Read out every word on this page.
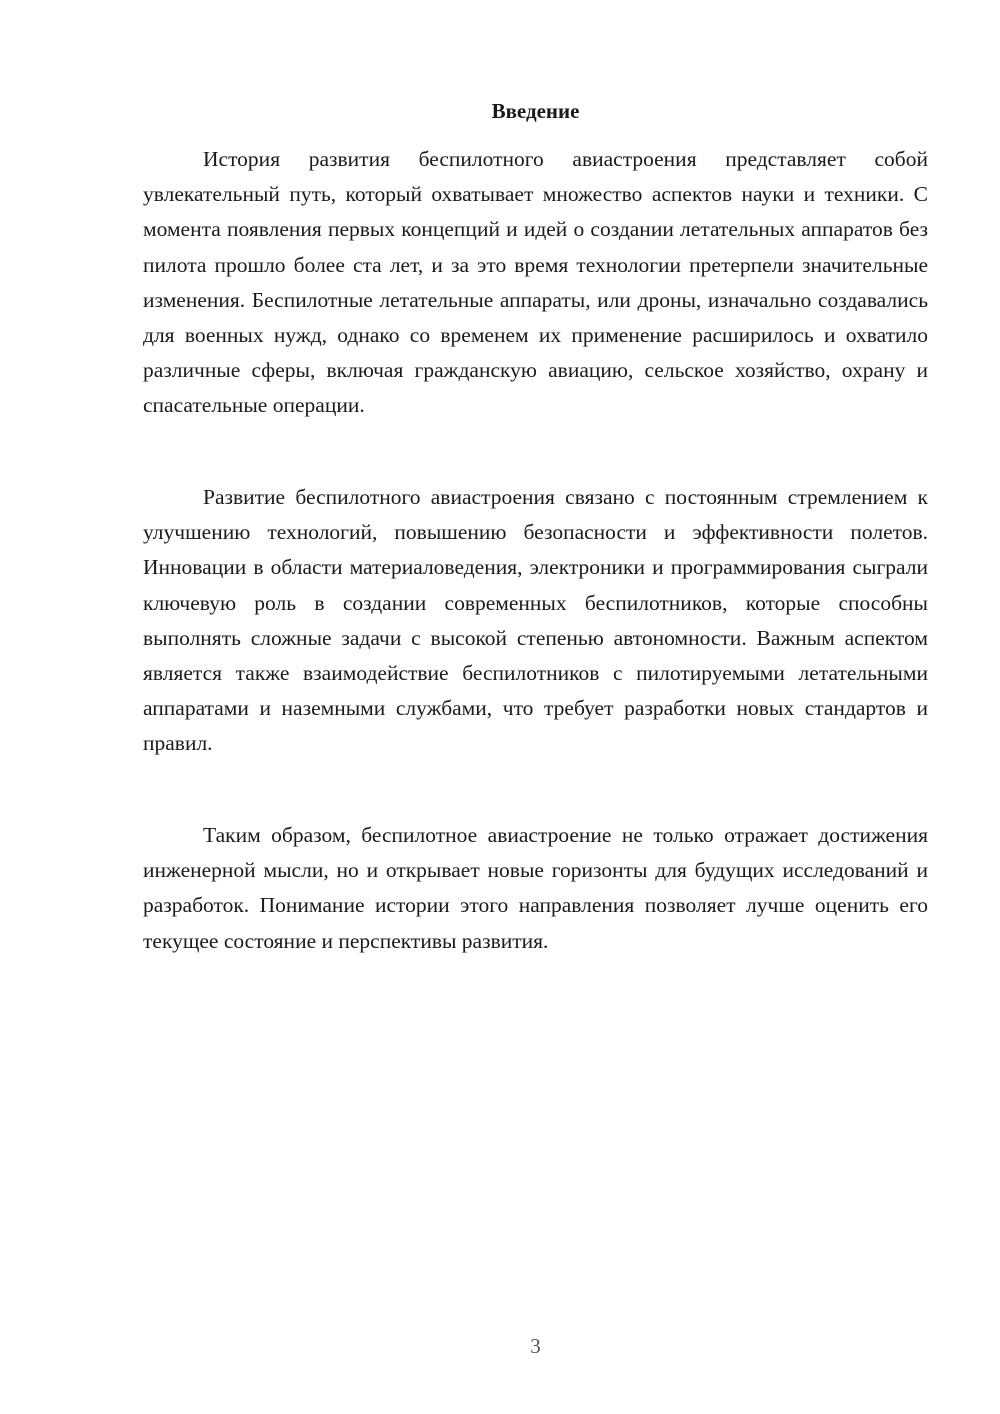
Введение

История развития беспилотного авиастроения представляет собой увлекательный путь, который охватывает множество аспектов науки и техники. С момента появления первых концепций и идей о создании летательных аппаратов без пилота прошло более ста лет, и за это время технологии претерпели значительные изменения. Беспилотные летательные аппараты, или дроны, изначально создавались для военных нужд, однако со временем их применение расширилось и охватило различные сферы, включая гражданскую авиацию, сельское хозяйство, охрану и спасательные операции.

Развитие беспилотного авиастроения связано с постоянным стремлением к улучшению технологий, повышению безопасности и эффективности полетов. Инновации в области материаловедения, электроники и программирования сыграли ключевую роль в создании современных беспилотников, которые способны выполнять сложные задачи с высокой степенью автономности. Важным аспектом является также взаимодействие беспилотников с пилотируемыми летательными аппаратами и наземными службами, что требует разработки новых стандартов и правил.

Таким образом, беспилотное авиастроение не только отражает достижения инженерной мысли, но и открывает новые горизонты для будущих исследований и разработок. Понимание истории этого направления позволяет лучше оценить его текущее состояние и перспективы развития.

3
